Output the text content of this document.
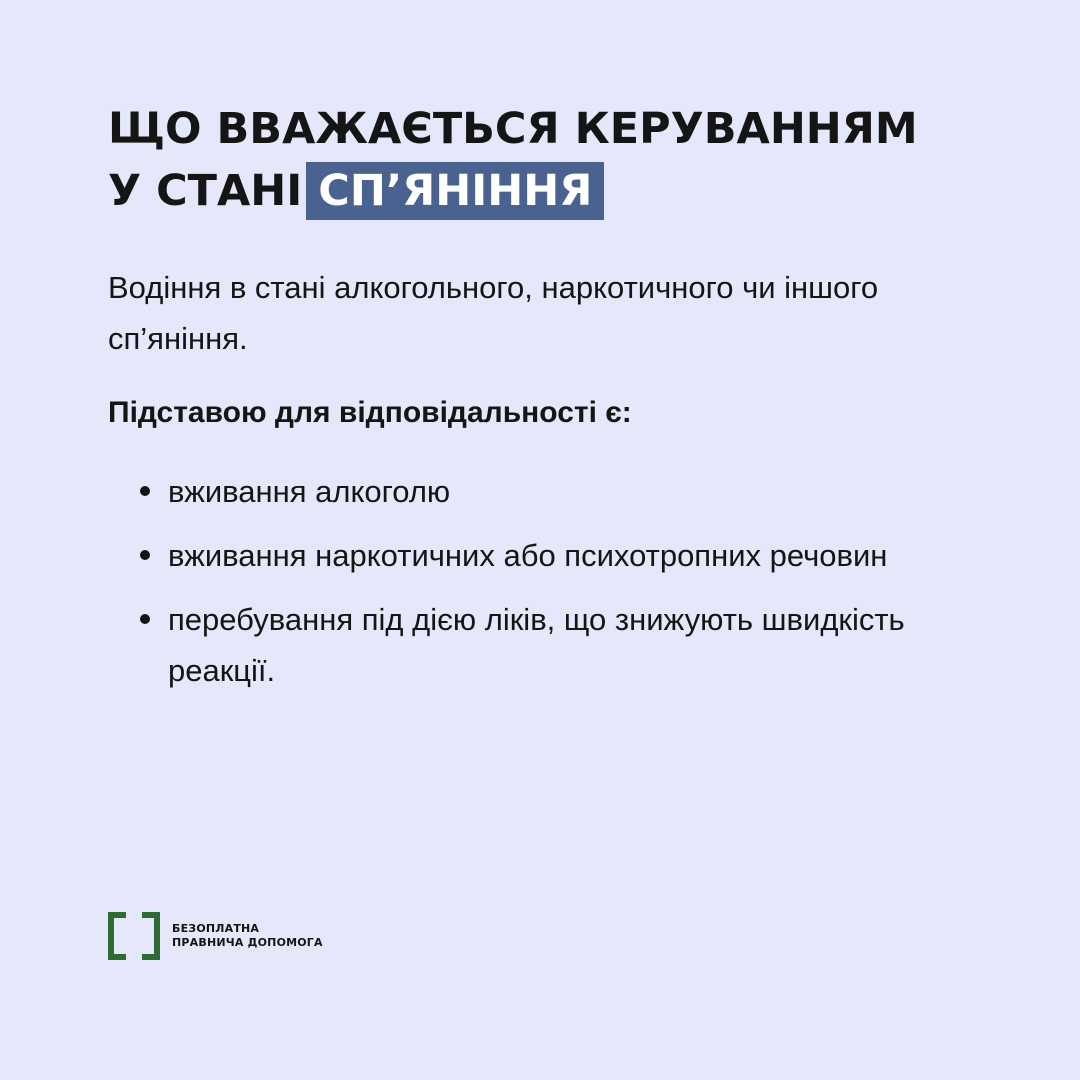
ЩО ВВАЖАЄТЬСЯ КЕРУВАННЯМ
У СТАНІ СП’ЯНІННЯ

Водіння в стані алкогольного, наркотичного чи іншого сп’яніння.

Підставою для відповідальності є:

вживання алкоголю
вживання наркотичних або психотропних речовин
перебування під дією ліків, що знижують швидкість реакції.
БЕЗОПЛАТНА
ПРАВНИЧА ДОПОМОГА
